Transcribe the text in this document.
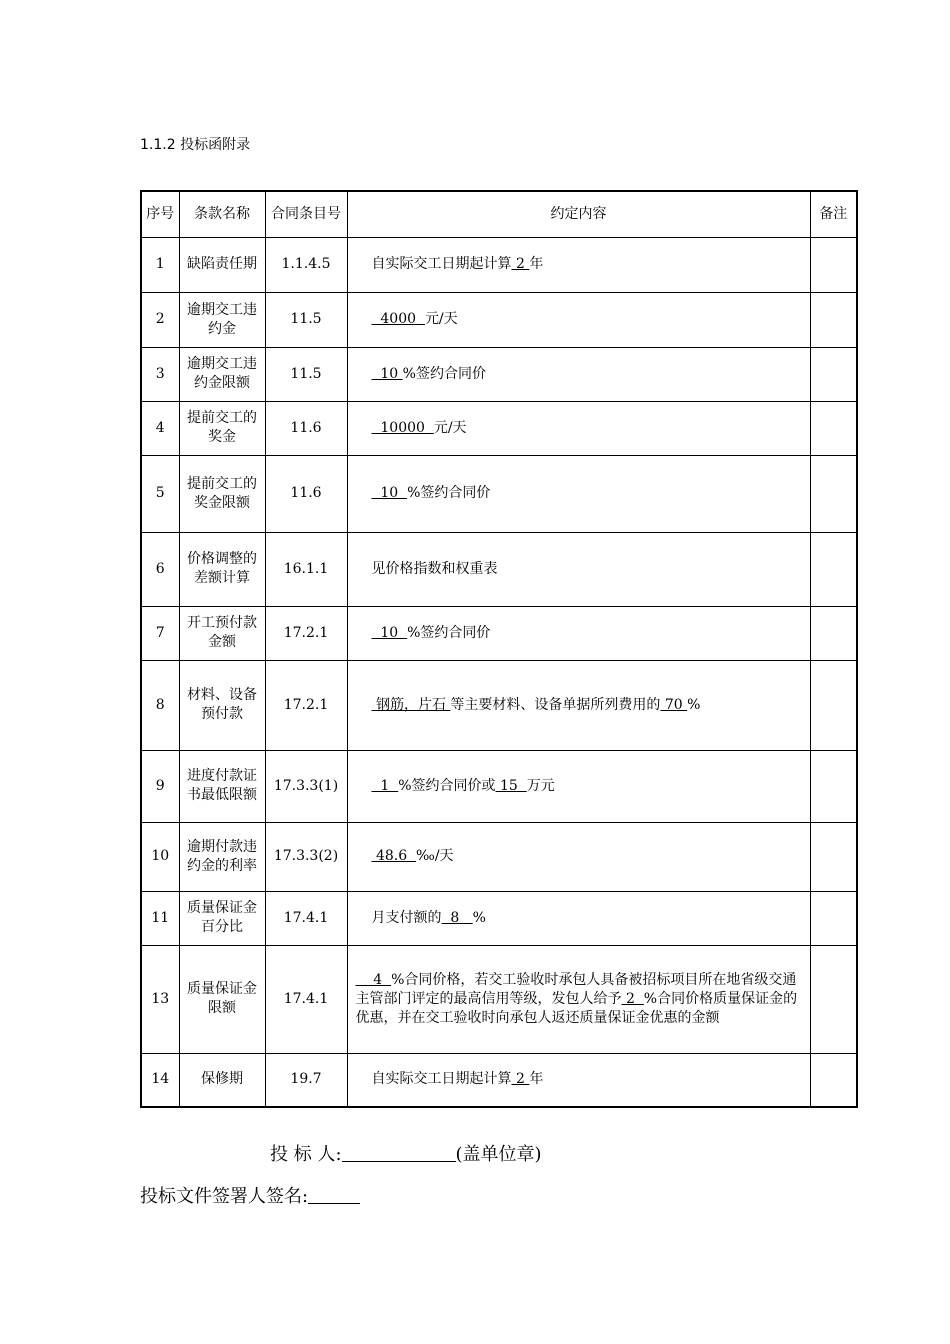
1.1.2 投标函附录
序号	条款名称	合同条目号	约定内容	备注
1	缺陷责任期	1.1.4.5	自实际交工日期起计算 2 年	
2	逾期交工违约金	11.5	4000  元/天	
3	逾期交工违约金限额	11.5	10 %签约合同价	
4	提前交工的奖金	11.6	10000  元/天	
5	提前交工的奖金限额	11.6	10  %签约合同价	
6	价格调整的差额计算	16.1.1	见价格指数和权重表	
7	开工预付款金额	17.2.1	10  %签约合同价	
8	材料、设备预付款	17.2.1	钢筋，片石 等主要材料、设备单据所列费用的 70 %	
9	进度付款证书最低限额	17.3.3(1)	1  %签约合同价或 15  万元	
10	逾期付款违约金的利率	17.3.3(2)	48.6  ‰/天	
11	质量保证金百分比	17.4.1	月支付额的  8   %	
13	质量保证金限额	17.4.1	4  %合同价格，若交工验收时承包人具备被招标项目所在地省级交通主管部门评定的最高信用等级，发包人给予 2  %合同价格质量保证金的优惠，并在交工验收时向承包人返还质量保证金优惠的金额	
14	保修期	19.7	自实际交工日期起计算 2 年	
投 标 人:	(盖单位章)
投标文件签署人签名:
